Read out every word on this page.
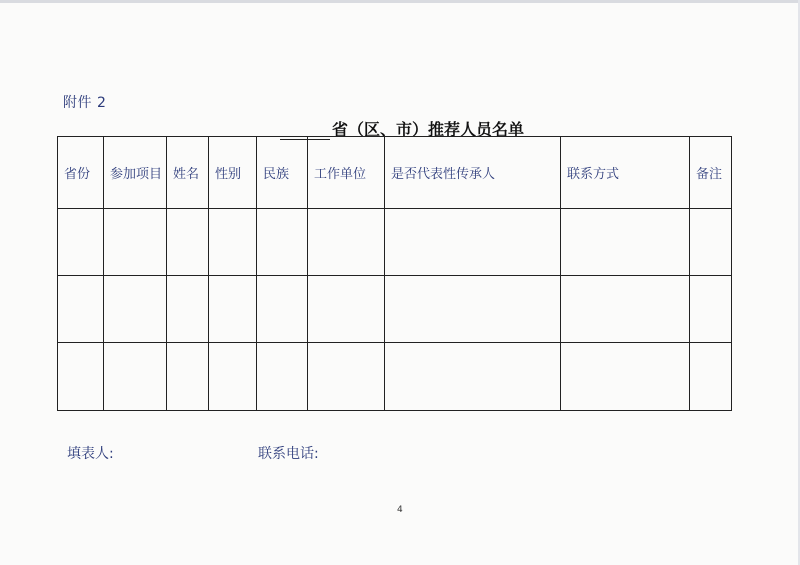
附件 2
省（区、市）推荐人员名单
省份	参加项目	姓名	性别	民族	工作单位	是否代表性传承人	联系方式	备注

填表人:	联系电话:
4
